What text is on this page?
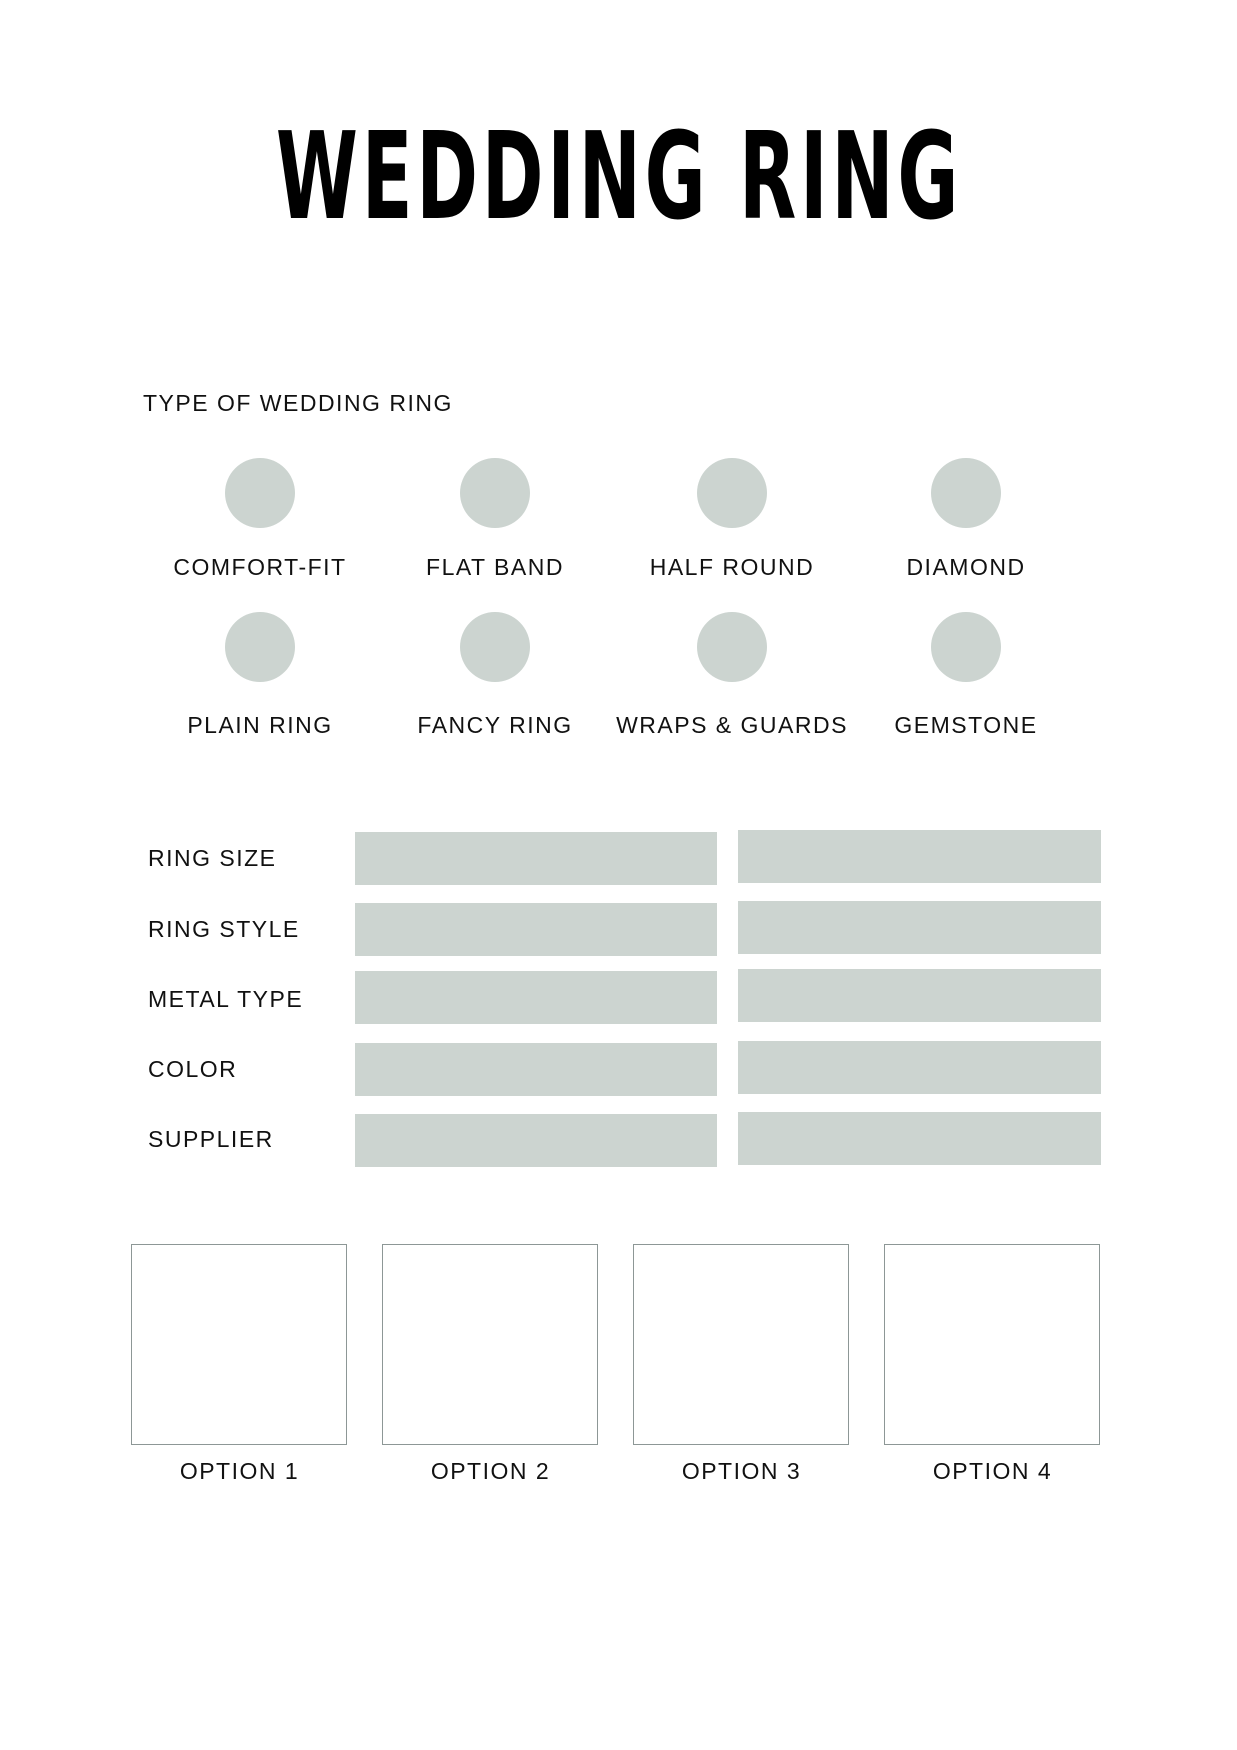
WEDDING RING
TYPE OF WEDDING RING
COMFORT-FIT	FLAT BAND	HALF ROUND	DIAMOND
PLAIN RING	FANCY RING	WRAPS & GUARDS	GEMSTONE
RING SIZE
RING STYLE
METAL TYPE
COLOR
SUPPLIER
OPTION 1	OPTION 2	OPTION 3	OPTION 4
